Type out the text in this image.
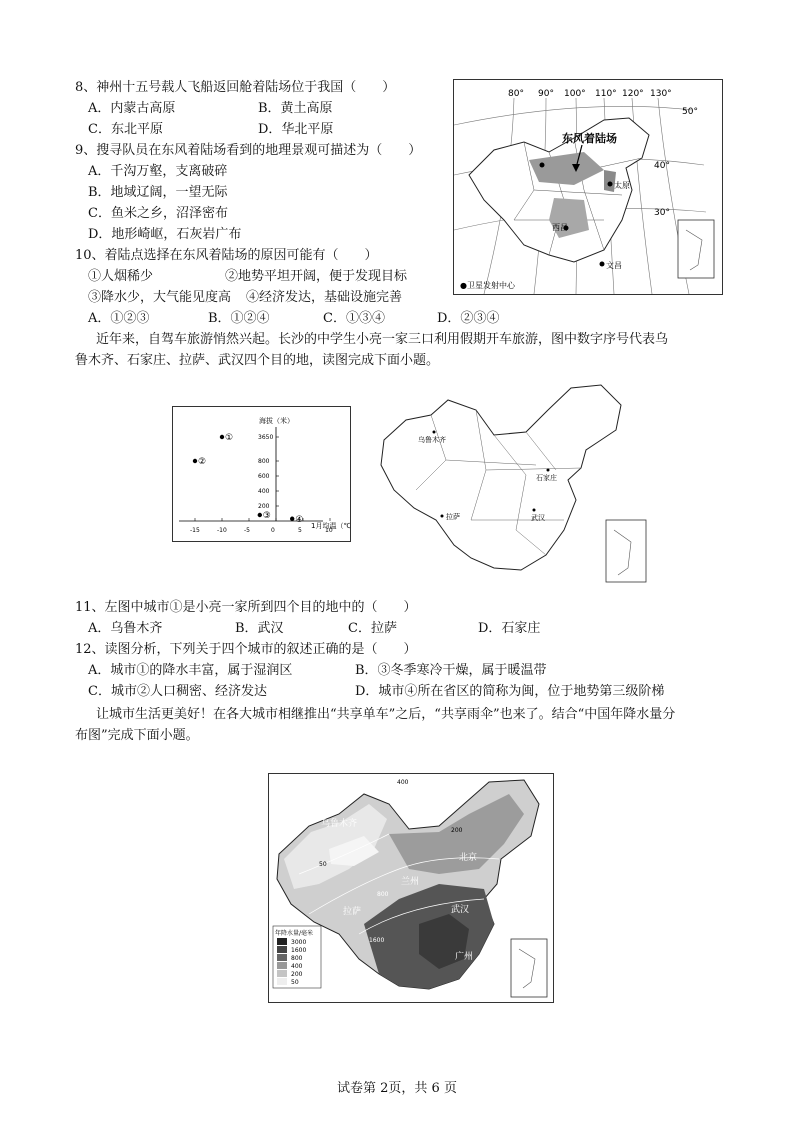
8、神州十五号载人飞船返回舱着陆场位于我国（　　）
A．内蒙古高原	B．黄土高原
C．东北平原	D．华北平原
9、搜寻队员在东风着陆场看到的地理景观可描述为（　　）
A．千沟万壑，支离破碎
B．地域辽阔，一望无际
C．鱼米之乡，沼泽密布
D．地形崎岖，石灰岩广布
10、着陆点选择在东风着陆场的原因可能有（　　）
①人烟稀少	②地势平坦开阔，便于发现目标
③降水少，大气能见度高 ④经济发达，基础设施完善
A．①②③	B．①②④	C．①③④	D．②③④
80° 90° 100° 110° 120° 130°
50°
40°
30°
东风着陆场
太原
西昌
文昌
●卫星发射中心
近年来，自驾车旅游悄然兴起。长沙的中学生小亮一家三口利用假期开车旅游，图中数字序号代表乌
鲁木齐、石家庄、拉萨、武汉四个目的地，读图完成下面小题。
海拔（米）
1月均温（℃
-15	-10	-5	0	5	10
200
400
600
800
3650
①
②
③	④
乌鲁木齐
石家庄
拉萨	武汉
11、左图中城市①是小亮一家所到四个目的地中的（　　）
A．乌鲁木齐	B．武汉	C．拉萨	D．石家庄
12、读图分析，下列关于四个城市的叙述正确的是（　　）
A．城市①的降水丰富，属于湿润区	B．③冬季寒冷干燥，属于暖温带
C．城市②人口稠密、经济发达	D．城市④所在省区的简称为闽，位于地势第三级阶梯
让城市生活更美好！在各大城市相继推出“共享单车”之后，“共享雨伞”也来了。结合“中国年降水量分
布图”完成下面小题。
400
200
50
800
1600
乌鲁木齐
北京
兰州
拉萨	武汉
广州
年降水量/毫米
3000
1600
800
400
200
50
试卷第 2页，共 6 页
